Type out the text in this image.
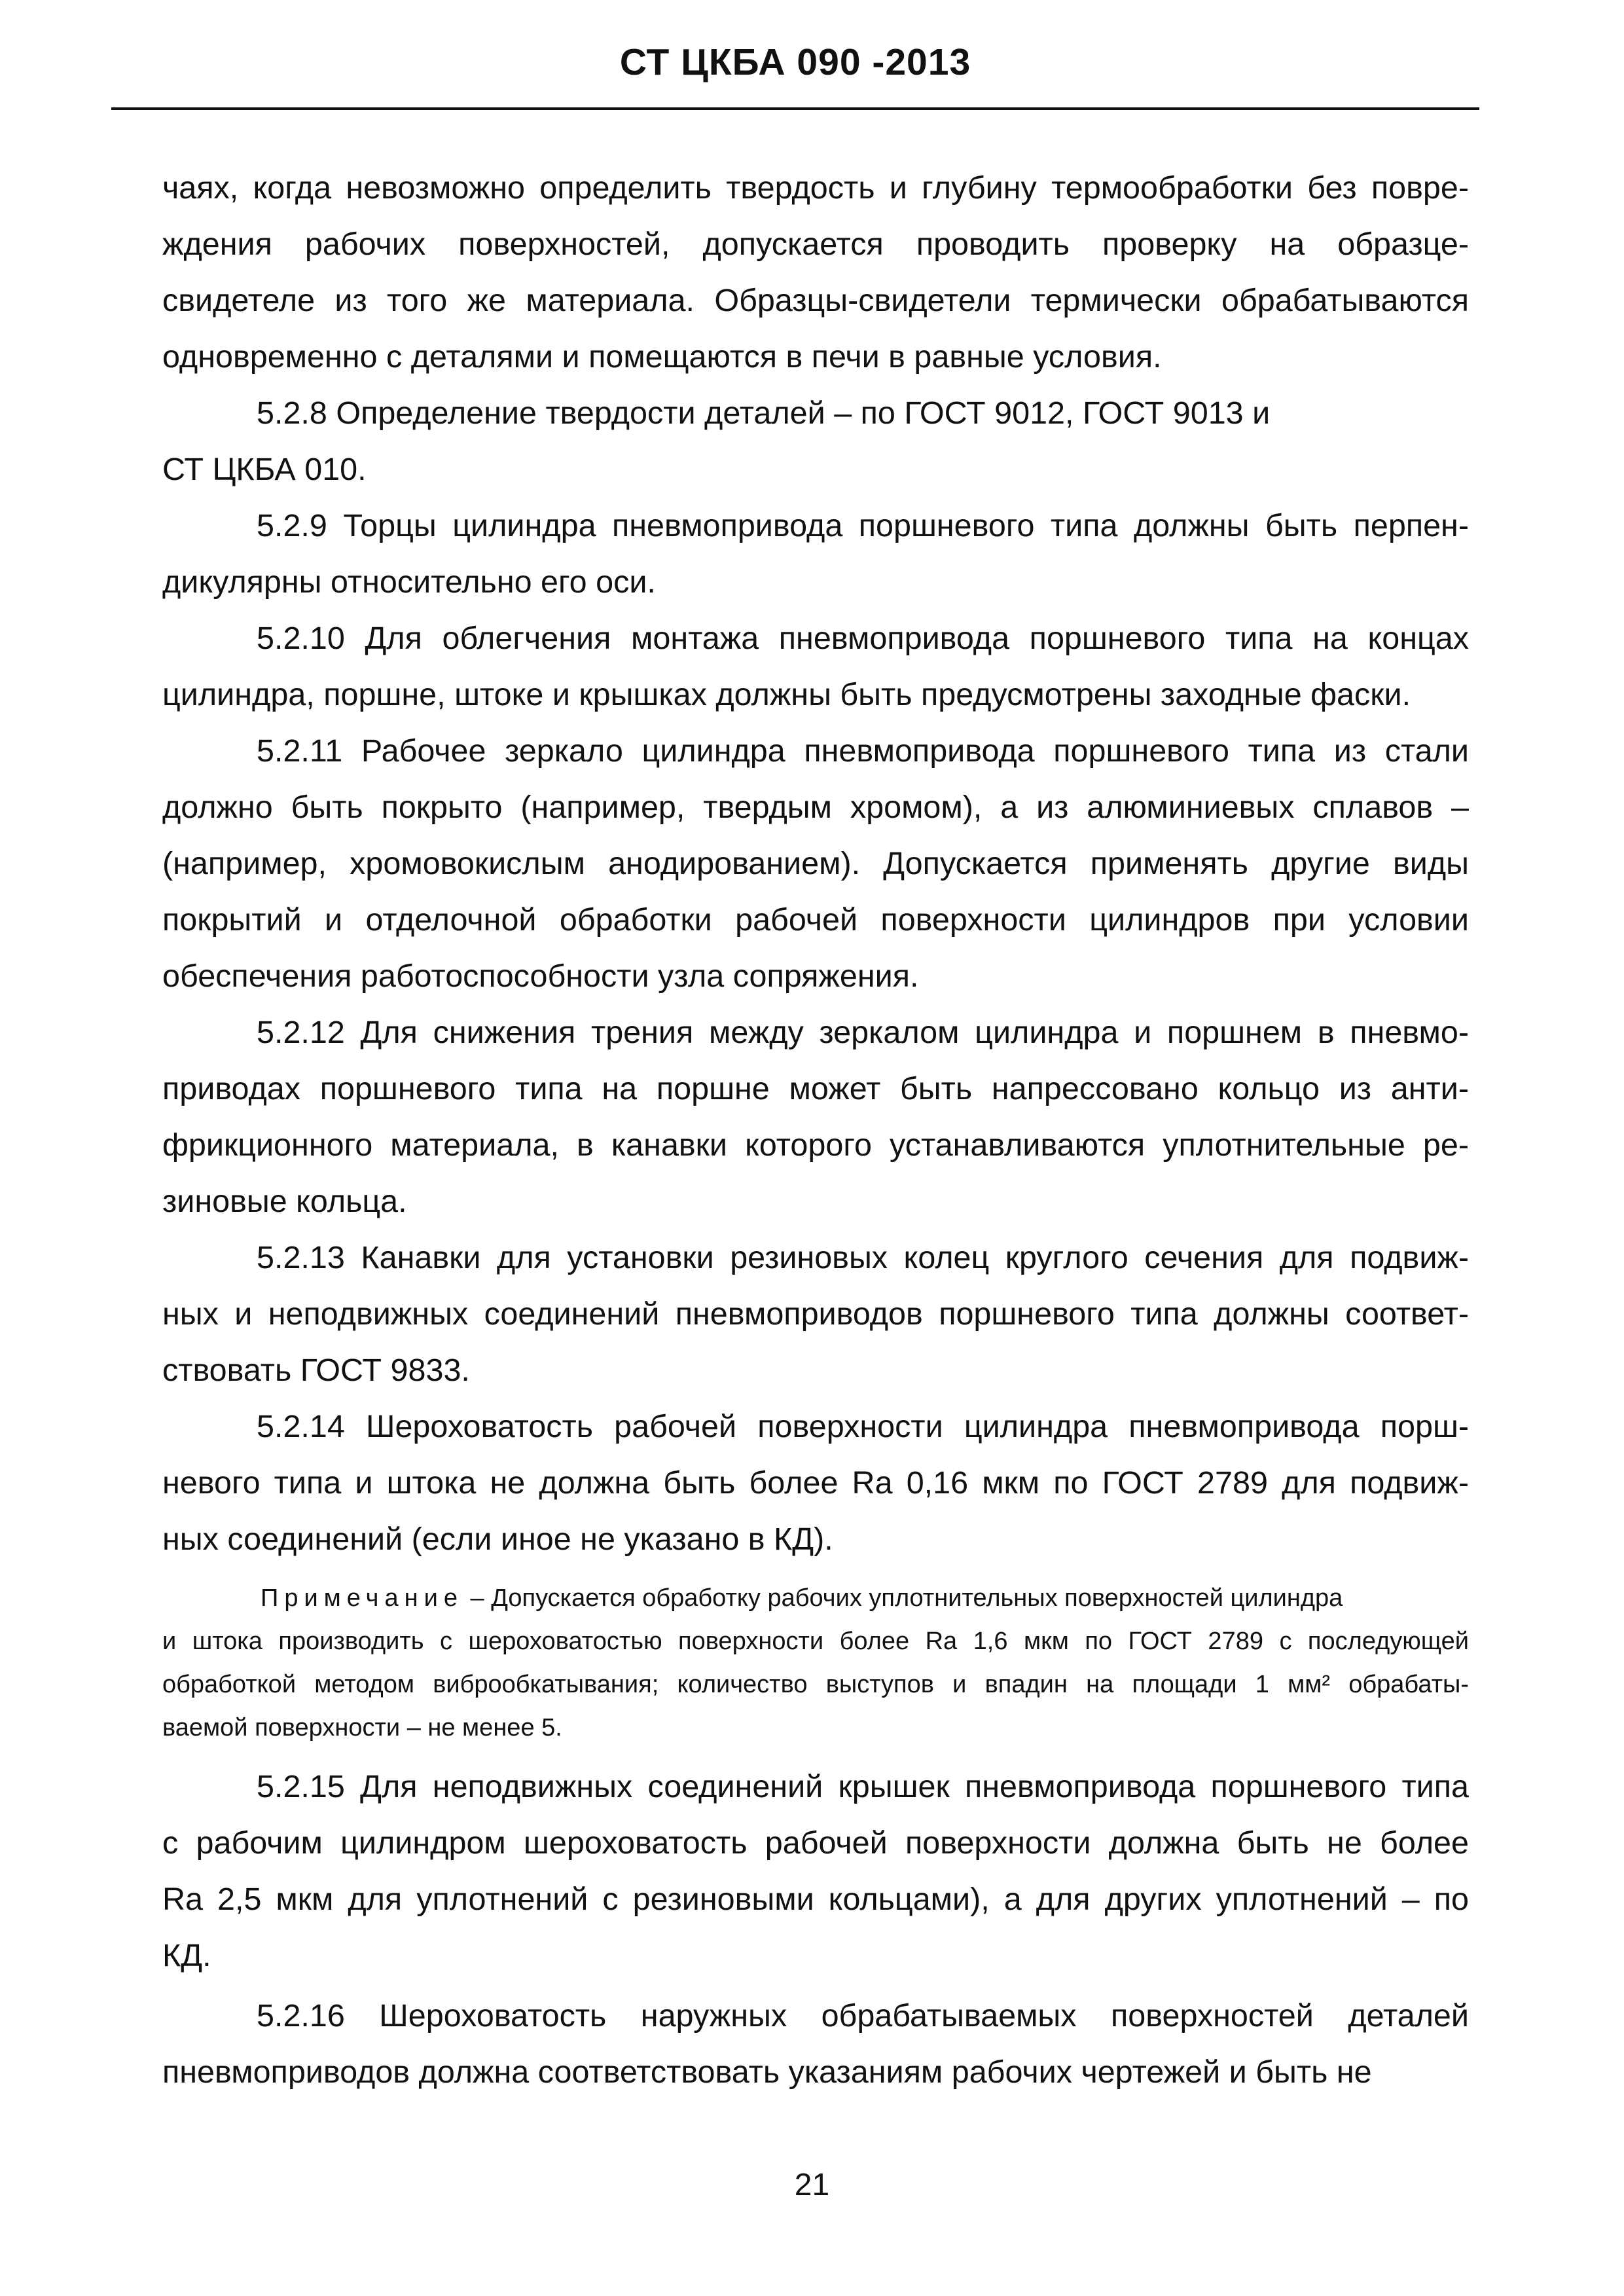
СТ ЦКБА 090 -2013
чаях, когда невозможно определить твердость и глубину термообработки без повре-
ждения рабочих поверхностей, допускается проводить проверку на образце-
свидетеле из того же материала. Образцы-свидетели термически обрабатываются
одновременно с деталями и помещаются в печи в равные условия.
5.2.8 Определение твердости деталей – по ГОСТ 9012, ГОСТ 9013 и
СТ ЦКБА 010.
5.2.9 Торцы цилиндра пневмопривода поршневого типа должны быть перпен-
дикулярны относительно его оси.
5.2.10 Для облегчения монтажа пневмопривода поршневого типа на концах
цилиндра, поршне, штоке и крышках должны быть предусмотрены заходные фаски.
5.2.11 Рабочее зеркало цилиндра пневмопривода поршневого типа из стали
должно быть покрыто (например, твердым хромом), а из алюминиевых сплавов –
(например, хромовокислым анодированием). Допускается применять другие виды
покрытий и отделочной обработки рабочей поверхности цилиндров при условии
обеспечения работоспособности узла сопряжения.
5.2.12 Для снижения трения между зеркалом цилиндра и поршнем в пневмо-
приводах поршневого типа на поршне может быть напрессовано кольцо из анти-
фрикционного материала, в канавки которого устанавливаются уплотнительные ре-
зиновые кольца.
5.2.13 Канавки для установки резиновых колец круглого сечения для подвиж-
ных и неподвижных соединений пневмоприводов поршневого типа должны соответ-
ствовать ГОСТ 9833.
5.2.14 Шероховатость рабочей поверхности цилиндра пневмопривода порш-
невого типа и штока не должна быть более Ra 0,16 мкм по ГОСТ 2789 для подвиж-
ных соединений (если иное не указано в КД).
Примечание – Допускается обработку рабочих уплотнительных поверхностей цилиндра
и штока производить с шероховатостью поверхности более Ra 1,6 мкм по ГОСТ 2789 с последующей
обработкой методом виброобкатывания; количество выступов и впадин на площади 1 мм² обрабаты-
ваемой поверхности – не менее 5.
5.2.15 Для неподвижных соединений крышек пневмопривода поршневого типа
с рабочим цилиндром шероховатость рабочей поверхности должна быть не более
Ra 2,5 мкм для уплотнений с резиновыми кольцами), а для других уплотнений – по
КД.
5.2.16 Шероховатость наружных обрабатываемых поверхностей деталей
пневмоприводов должна соответствовать указаниям рабочих чертежей и быть не
21
